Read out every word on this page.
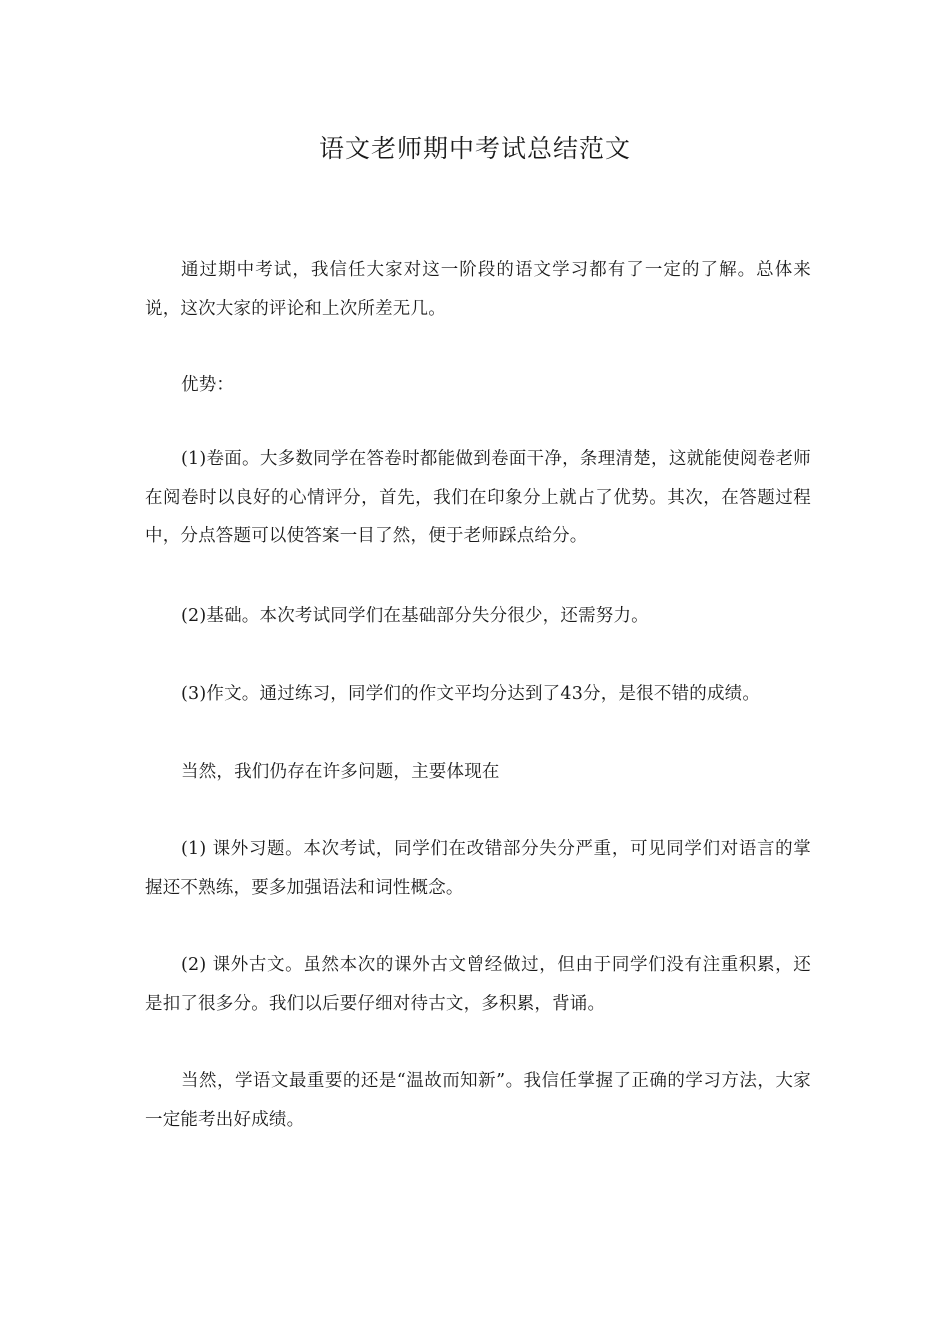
语文老师期中考试总结范文

通过期中考试，我信任大家对这一阶段的语文学习都有了一定的了解。总体来说，这次大家的评论和上次所差无几。

优势：

(1)卷面。大多数同学在答卷时都能做到卷面干净，条理清楚，这就能使阅卷老师在阅卷时以良好的心情评分，首先，我们在印象分上就占了优势。其次，在答题过程中，分点答题可以使答案一目了然，便于老师踩点给分。

(2)基础。本次考试同学们在基础部分失分很少，还需努力。

(3)作文。通过练习，同学们的作文平均分达到了43分，是很不错的成绩。

当然，我们仍存在许多问题，主要体现在

(1) 课外习题。本次考试，同学们在改错部分失分严重，可见同学们对语言的掌握还不熟练，要多加强语法和词性概念。

(2) 课外古文。虽然本次的课外古文曾经做过，但由于同学们没有注重积累，还是扣了很多分。我们以后要仔细对待古文，多积累，背诵。

当然，学语文最重要的还是“温故而知新”。我信任掌握了正确的学习方法，大家一定能考出好成绩。
